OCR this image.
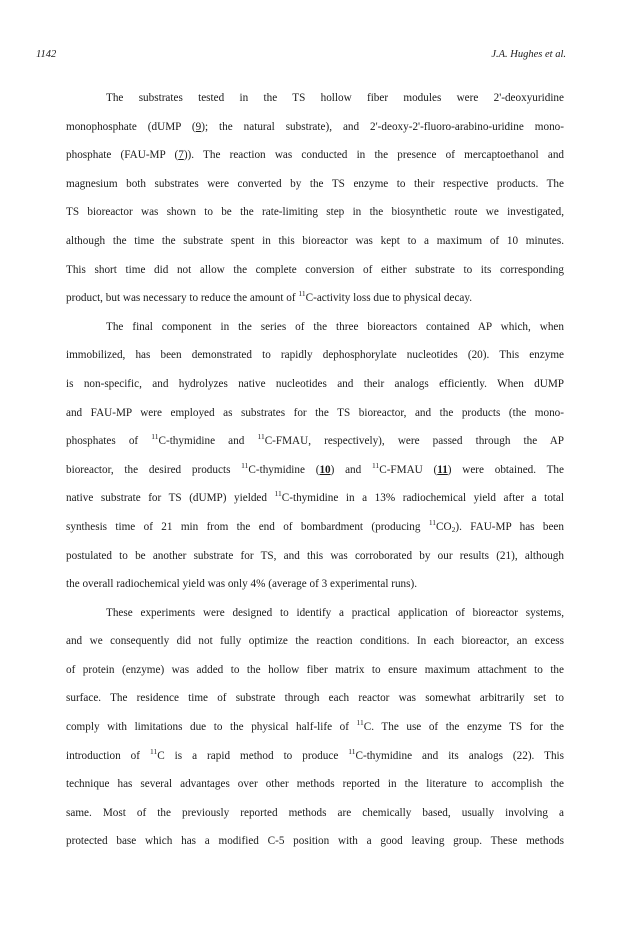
1142	J.A. Hughes et al.
The substrates tested in the TS hollow fiber modules were 2'-deoxyuridine
monophosphate (dUMP (9); the natural substrate), and 2'-deoxy-2'-fluoro-arabino-uridine mono-
phosphate (FAU-MP (7)). The reaction was conducted in the presence of mercaptoethanol and
magnesium both substrates were converted by the TS enzyme to their respective products. The
TS bioreactor was shown to be the rate-limiting step in the biosynthetic route we investigated,
although the time the substrate spent in this bioreactor was kept to a maximum of 10 minutes.
This short time did not allow the complete conversion of either substrate to its corresponding
product, but was necessary to reduce the amount of $^{11}$C-activity loss due to physical decay.
The final component in the series of the three bioreactors contained AP which, when
immobilized, has been demonstrated to rapidly dephosphorylate nucleotides (20). This enzyme
is non-specific, and hydrolyzes native nucleotides and their analogs efficiently. When dUMP
and FAU-MP were employed as substrates for the TS bioreactor, and the products (the mono-
phosphates of $^{11}$C-thymidine and $^{11}$C-FMAU, respectively), were passed through the AP
bioreactor, the desired products $^{11}$C-thymidine (10) and $^{11}$C-FMAU (11) were obtained. The
native substrate for TS (dUMP) yielded $^{11}$C-thymidine in a 13% radiochemical yield after a total
synthesis time of 21 min from the end of bombardment (producing $^{11}CO_2$). FAU-MP has been
postulated to be another substrate for TS, and this was corroborated by our results (21), although
the overall radiochemical yield was only 4% (average of 3 experimental runs).
These experiments were designed to identify a practical application of bioreactor systems,
and we consequently did not fully optimize the reaction conditions. In each bioreactor, an excess
of protein (enzyme) was added to the hollow fiber matrix to ensure maximum attachment to the
surface. The residence time of substrate through each reactor was somewhat arbitrarily set to
comply with limitations due to the physical half-life of $^{11}$C. The use of the enzyme TS for the
introduction of $^{11}$C is a rapid method to produce $^{11}$C-thymidine and its analogs (22). This
technique has several advantages over other methods reported in the literature to accomplish the
same. Most of the previously reported methods are chemically based, usually involving a
protected base which has a modified C-5 position with a good leaving group. These methods
